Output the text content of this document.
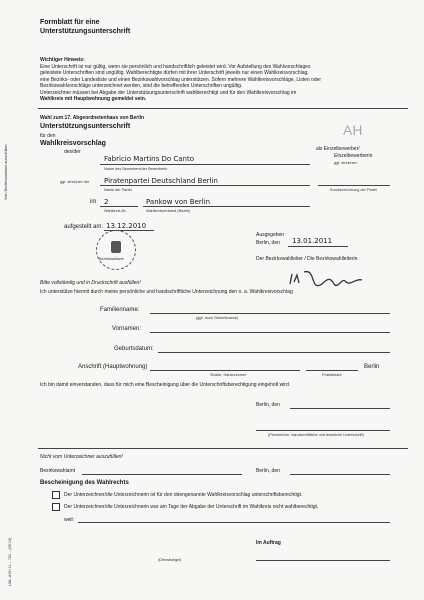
Formblatt für eine
Unterstützungsunterschrift
Wichtiger Hinweis:
Eine Unterschrift ist nur gültig, wenn sie persönlich und handschriftlich geleistet wird. Vor Aufstellung des Wahlvorschlages
geleistete Unterschriften sind ungültig. Wahlberechtigte dürfen mit ihrer Unterschrift jeweils nur einen Wahlkreisvorschlag,
eine Bezirks- oder Landesliste und einen Bezirkswahlvorschlag unterstützen. Sofern mehrere Wahlkreisvorschläge, Listen oder
Bezirkswahlvorschläge unterzeichnet werden, sind die betreffenden Unterschriften ungültig.
Unterzeichner müssen bei Abgabe der Unterstützungsunterschrift wahlberechtigt und für den Wahlkreisvorschlag im
Wahlkreis mit Hauptwohnung gemeldet sein.
Wahl zum 17. Abgeordnetenhaus von Berlin
Unterstützungsunterschrift
für den
Wahlkreisvorschlag
AH
Vom Bezirkswahlamt auszufüllen	des/der
Fabricio Martins Do Canto
Name des Bewerbers/der Bewerberin
als Einzelbewerber/
Einzelbewerberin
ggf. streichen
ggf. streichen der Piratenpartei Deutschland Berlin
Name der Partei	Kurzbezeichnung der Partei
im 2	Pankow von Berlin
Wahlkreis-Nr.	Wahlkreisverband (Bezirk)
aufgestellt am: 13.12.2010
Ausgegeben
Berlin, den 13.01.2011
Der Bezirkswahlleiter / Die Bezirkswahlleiterin
Bezirkswahlamt
Bitte vollständig und in Druckschrift ausfüllen!
Ich unterstütze hiermit durch meine persönliche und handschriftliche Unterzeichnung den o. a. Wahlkreisvorschlag
Familienname:
(ggf. auch Geburtsname)
Vornamen:
Geburtsdatum:
Anschrift (Hauptwohnung)	Berlin
Straße, Hausnummer	Postleitzahl
Ich bin damit einverstanden, dass für mich eine Bescheinigung über die Unterschriftsberechtigung eingeholt wird.
Berlin, den
(Persönliche, handschriftliche und leserliche Unterschrift)
Nicht vom Unterzeichner auszufüllen!
Bezirkswahlamt	Berlin, den
Bescheinigung des Wahlrechts
Der Unterzeichner/die Unterzeichnerin ist für den obengenannte Wahlkreisvorschlag unterschriftsberechtigt.
Der Unterzeichner/die Unterzeichnerin war am Tage der Abgabe der Unterschrift im Wahlkreis nicht wahlberechtigt,
weil:
Im Auftrag
(Dienstsiegel)
LWL-ASH 11 – 702 – (05.10)
